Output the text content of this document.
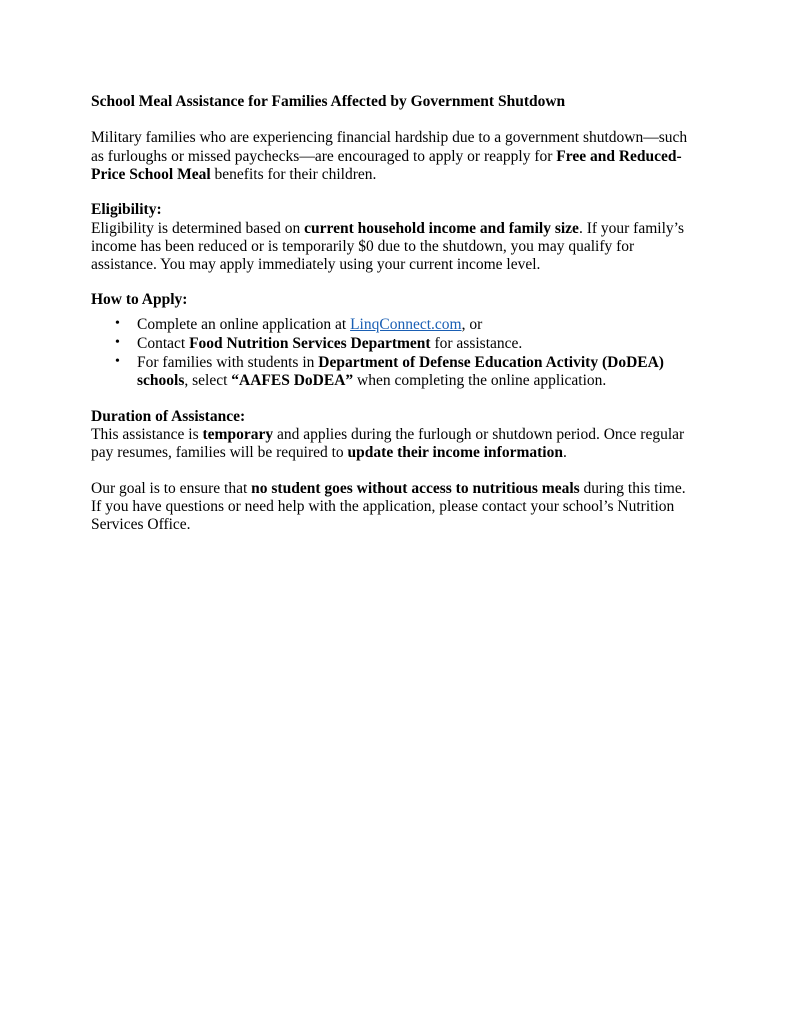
School Meal Assistance for Families Affected by Government Shutdown

Military families who are experiencing financial hardship due to a government shutdown—such as furloughs or missed paychecks—are encouraged to apply or reapply for Free and Reduced-Price School Meal benefits for their children.

Eligibility:

Eligibility is determined based on current household income and family size. If your family’s income has been reduced or is temporarily $0 due to the shutdown, you may qualify for assistance. You may apply immediately using your current income level.

How to Apply:
• Complete an online application at LinqConnect.com, or
• Contact Food Nutrition Services Department for assistance.
• For families with students in Department of Defense Education Activity (DoDEA) schools, select “AAFES DoDEA” when completing the online application.
Duration of Assistance:

This assistance is temporary and applies during the furlough or shutdown period. Once regular pay resumes, families will be required to update their income information.

Our goal is to ensure that no student goes without access to nutritious meals during this time. If you have questions or need help with the application, please contact your school’s Nutrition Services Office.
